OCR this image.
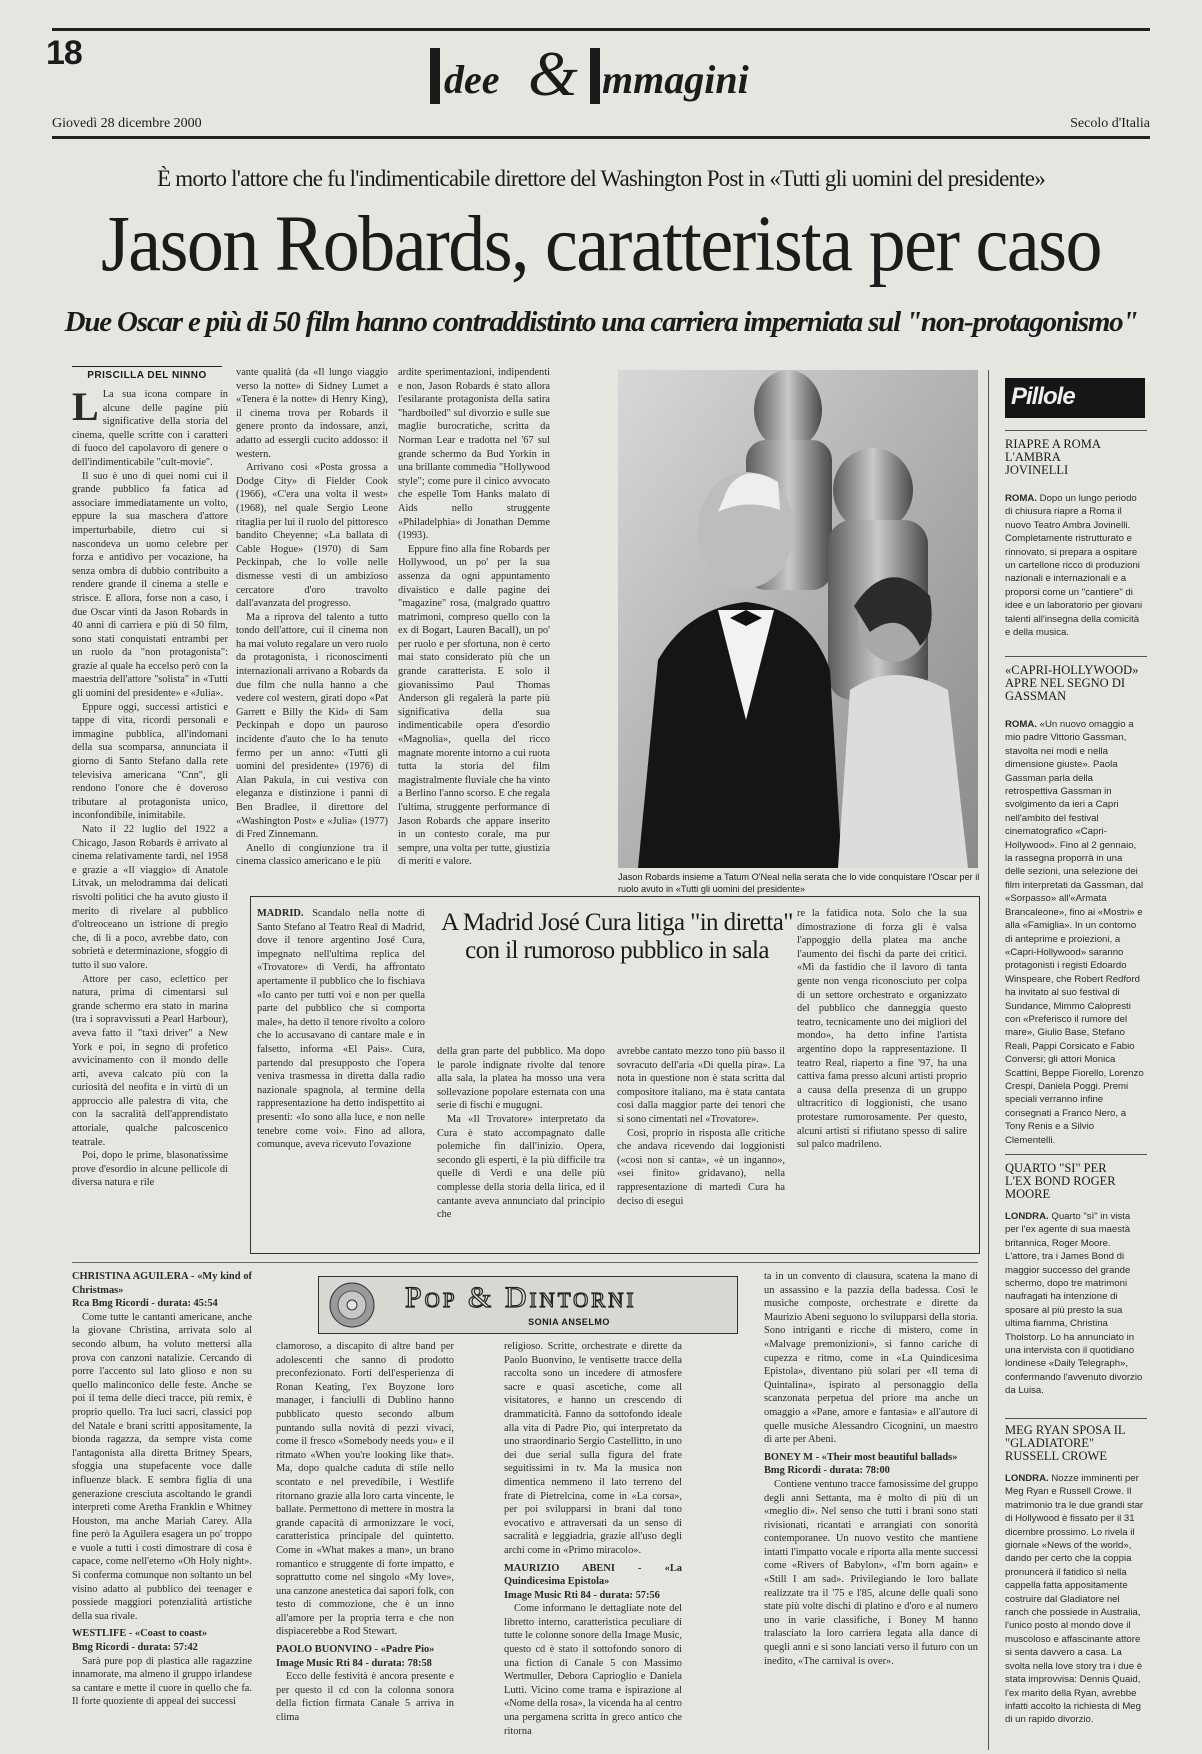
18
dee & mmagini
Giovedì 28 dicembre 2000	Secolo d'Italia
È morto l'attore che fu l'indimenticabile direttore del Washington Post in «Tutti gli uomini del presidente»
Jason Robards, caratterista per caso
Due Oscar e più di 50 film hanno contraddistinto una carriera imperniata sul "non-protagonismo"
PRISCILLA DEL NINNO

L La sua icona compare in alcune delle pagine più significative della storia del cinema, quelle scritte con i caratteri di fuoco del capolavoro di genere o dell'indimenticabile "cult-movie".

Il suo è uno di quei nomi cui il grande pubblico fa fatica ad associare immediatamente un volto, eppure la sua maschera d'attore imperturbabile, dietro cui si nascondeva un uomo celebre per forza e antidivo per vocazione, ha senza ombra di dubbio contribuito a rendere grande il cinema a stelle e strisce. E allora, forse non a caso, i due Oscar vinti da Jason Robards in 40 anni di carriera e più di 50 film, sono stati conquistati entrambi per un ruolo da "non protagonista": grazie al quale ha eccelso però con la maestria dell'attore "solista" in «Tutti gli uomini del presidente» e «Julia».

Eppure oggi, successi artistici e tappe di vita, ricordi personali e immagine pubblica, all'indomani della sua scomparsa, annunciata il giorno di Santo Stefano dalla rete televisiva americana "Cnn", gli rendono l'onore che è doveroso tributare al protagonista unico, inconfondibile, inimitabile.

Nato il 22 luglio del 1922 a Chicago, Jason Robards è arrivato al cinema relativamente tardi, nel 1958 e grazie a «Il viaggio» di Anatole Litvak, un melodramma dai delicati risvolti politici che ha avuto giusto il merito di rivelare al pubblico d'oltreoceano un istrione di pregio che, di lì a poco, avrebbe dato, con sobrietà e determinazione, sfoggio di tutto il suo valore.

Attore per caso, eclettico per natura, prima di cimentarsi sul grande schermo era stato in marina (tra i sopravvissuti a Pearl Harbour), aveva fatto il "taxi driver" a New York e poi, in segno di profetico avvicinamento con il mondo delle arti, aveva calcato più con la curiosità del neofita e in virtù di un approccio alle palestra di vita, che con la sacralità dell'apprendistato attoriale, qualche palcoscenico teatrale.

Poi, dopo le prime, blasonatissime prove d'esordio in alcune pellicole di diversa natura e rile

vante qualità (da «Il lungo viaggio verso la notte» di Sidney Lumet a «Tenera è la notte» di Henry King), il cinema trova per Robards il genere pronto da indossare, anzi, adatto ad essergli cucito addosso: il western.

Arrivano così «Posta grossa a Dodge City» di Fielder Cook (1966), «C'era una volta il west» (1968), nel quale Sergio Leone ritaglia per lui il ruolo del pittoresco bandito Cheyenne; «La ballata di Cable Hogue» (1970) di Sam Peckinpah, che lo volle nelle dismesse vesti di un ambizioso cercatore d'oro travolto dall'avanzata del progresso.

Ma a riprova del talento a tutto tondo dell'attore, cui il cinema non ha mai voluto regalare un vero ruolo da protagonista, i riconoscimenti internazionali arrivano a Robards da due film che nulla hanno a che vedere col western, girati dopo «Pat Garrett e Billy the Kid» di Sam Peckinpah e dopo un pauroso incidente d'auto che lo ha tenuto fermo per un anno: «Tutti gli uomini del presidente» (1976) di Alan Pakula, in cui vestiva con eleganza e distinzione i panni di Ben Bradlee, il direttore del «Washington Post» e «Julia» (1977) di Fred Zinnemann.

Anello di congiunzione tra il cinema classico americano e le più

ardite sperimentazioni, indipendenti e non, Jason Robards è stato allora l'esilarante protagonista della satira "hardboiled" sul divorzio e sulle sue maglie burocratiche, scritta da Norman Lear e tradotta nel '67 sul grande schermo da Bud Yorkin in una brillante commedia "Hollywood style"; come pure il cinico avvocato che espelle Tom Hanks malato di Aids nello struggente «Philadelphia» di Jonathan Demme (1993).

Eppure fino alla fine Robards per Hollywood, un po' per la sua assenza da ogni appuntamento divaistico e dalle pagine dei "magazine" rosa, (malgrado quattro matrimoni, compreso quello con la ex di Bogart, Lauren Bacall), un po' per ruolo e per sfortuna, non è certo mai stato considerato più che un grande caratterista. E solo il giovanissimo Paul Thomas Anderson gli regalerà la parte più significativa della sua indimenticabile opera d'esordio «Magnolia», quella del ricco magnate morente intorno a cui ruota tutta la storia del film magistralmente fluviale che ha vinto a Berlino l'anno scorso. E che regala l'ultima, struggente performance di Jason Robards che appare inserito in un contesto corale, ma pur sempre, una volta per tutte, giustizia di meriti e valore.

Jason Robards insieme a Tatum O'Neal nella serata che lo vide conquistare l'Oscar per il ruolo avuto in «Tutti gli uomini del presidente»
Pillole
RIAPRE A ROMA L'AMBRA JOVINELLI
ROMA. Dopo un lungo periodo di chiusura riapre a Roma il nuovo Teatro Ambra Jovinelli. Completamente ristrutturato e rinnovato, si prepara a ospitare un cartellone ricco di produzioni nazionali e internazionali e a proporsi come un "cantiere" di idee e un laboratorio per giovani talenti all'insegna della comicità e della musica.
«CAPRI-HOLLYWOOD» APRE NEL SEGNO DI GASSMAN
ROMA. «Un nuovo omaggio a mio padre Vittorio Gassman, stavolta nei modi e nella dimensione giuste». Paola Gassman parla della retrospettiva Gassman in svolgimento da ieri a Capri nell'ambito del festival cinematografico «Capri-Hollywood». Fino al 2 gennaio, la rassegna proporrà in una delle sezioni, una selezione dei film interpretati da Gassman, dal «Sorpasso» all'«Armata Brancaleone», fino ai «Mostri» e alla «Famiglia». In un contorno di anteprime e proiezioni, a «Capri-Hollywood» saranno protagonisti i registi Edoardo Winspeare, che Robert Redford ha invitato al suo festival di Sundance, Mimmo Calopresti con «Preferisco il rumore del mare», Giulio Base, Stefano Reali, Pappi Corsicato e Fabio Conversi; gli attori Monica Scattini, Beppe Fiorello, Lorenzo Crespi, Daniela Poggi. Premi speciali verranno infine consegnati a Franco Nero, a Tony Renis e a Silvio Clementelli.
QUARTO "SI" PER L'EX BOND ROGER MOORE
LONDRA. Quarto "sì" in vista per l'ex agente di sua maestà britannica, Roger Moore. L'attore, tra i James Bond di maggior successo del grande schermo, dopo tre matrimoni naufragati ha intenzione di sposare al più presto la sua ultima fiamma, Christina Tholstorp. Lo ha annunciato in una intervista con il quotidiano londinese «Daily Telegraph», confermando l'avvenuto divorzio da Luisa.
MEG RYAN SPOSA IL "GLADIATORE" RUSSELL CROWE
LONDRA. Nozze imminenti per Meg Ryan e Russell Crowe. Il matrimonio tra le due grandi star di Hollywood è fissato per il 31 dicembre prossimo. Lo rivela il giornale «News of the world», dando per certo che la coppia pronuncerà il fatidico sì nella cappella fatta appositamente costruire dal Gladiatore nel ranch che possiede in Australia, l'unico posto al mondo dove il muscoloso e affascinante attore si senta davvero a casa. La svolta nella love story tra i due è stata improvvisa: Dennis Quaid, l'ex marito della Ryan, avrebbe infatti accolto la richiesta di Meg di un rapido divorzio.
A Madrid José Cura litiga "in diretta" con il rumoroso pubblico in sala

MADRID. Scandalo nella notte di Santo Stefano al Teatro Real di Madrid, dove il tenore argentino José Cura, impegnato nell'ultima replica del «Trovatore» di Verdi, ha affrontato apertamente il pubblico che lo fischiava «Io canto per tutti voi e non per quella parte del pubblico che si comporta male», ha detto il tenore rivolto a coloro che lo accusavano di cantare male e in falsetto, informa «El Pais». Cura, partendo dal presupposto che l'opera veniva trasmessa in diretta dalla radio nazionale spagnola, al termine della rappresentazione ha detto indispettito ai presenti: «Io sono alla luce, e non nelle tenebre come voi». Fino ad allora, comunque, aveva ricevuto l'ovazione

della gran parte del pubblico. Ma dopo le parole indignate rivolte dal tenore alla sala, la platea ha mosso una vera sollevazione popolare esternata con una serie di fischi e mugugni.

Ma «Il Trovatore» interpretato da Cura è stato accompagnato dalle polemiche fin dall'inizio. Opera, secondo gli esperti, è la più difficile tra quelle di Verdi e una delle più complesse della storia della lirica, ed il cantante aveva annunciato dal principio che

avrebbe cantato mezzo tono più basso il sovracuto dell'aria «Di quella pira». La nota in questione non è stata scritta dal compositore italiano, ma è stata cantata così dalla maggior parte dei tenori che si sono cimentati nel «Trovatore».

Così, proprio in risposta alle critiche che andava ricevendo dai loggionisti («così non si canta», «è un inganno», «sei finito» gridavano), nella rappresentazione di martedì Cura ha deciso di esegui

re la fatidica nota. Solo che la sua dimostrazione di forza gli è valsa l'appoggio della platea ma anche l'aumento dei fischi da parte dei critici. «Mi da fastidio che il lavoro di tanta gente non venga riconosciuto per colpa di un settore orchestrato e organizzato del pubblico che danneggia questo teatro, tecnicamente uno dei migliori del mondo», ha detto infine l'artista argentino dopo la rappresentazione. Il teatro Real, riaperto a fine '97, ha una cattiva fama presso alcuni artisti proprio a causa della presenza di un gruppo ultracritico di loggionisti, che usano protestare rumorosamente. Per questo, alcuni artisti si rifiutano spesso di salire sul palco madrileno.

Pop & Dintorni
SONIA ANSELMO
CHRISTINA AGUILERA - «My kind of Christmas»
Rca Bmg Ricordi - durata: 45:54

Come tutte le cantanti americane, anche la giovane Christina, arrivata solo al secondo album, ha voluto mettersi alla prova con canzoni natalizie. Cercando di porre l'accento sul lato glioso e non su quello malinconico delle feste. Anche se poi il tema delle dieci tracce, più remix, è proprio quello. Tra luci sacri, classici pop del Natale e brani scritti appositamente, la bionda ragazza, da sempre vista come l'antagonista alla diretta Britney Spears, sfoggia una stupefacente voce dalle influenze black. E sembra figlia di una generazione cresciuta ascoltando le grandi interpreti come Aretha Franklin e Whitney Houston, ma anche Mariah Carey. Alla fine però la Aguilera esagera un po' troppo e vuole a tutti i costi dimostrare di cosa è capace, come nell'eterno «Oh Holy night». Si conferma comunque non soltanto un bel visino adatto al pubblico dei teenager e possiede maggiori potenzialità artistiche della sua rivale.

WESTLIFE - «Coast to coast»
Bmg Ricordi - durata: 57:42

Sarà pure pop di plastica alle ragazzine innamorate, ma almeno il gruppo irlandese sa cantare e mette il cuore in quello che fa. Il forte quoziente di appeal dei successi

clamoroso, a discapito di altre band per adolescenti che sanno di prodotto preconfezionato. Forti dell'esperienza di Ronan Keating, l'ex Boyzone loro manager, i fanciulli di Dublino hanno pubblicato questo secondo album puntando sulla novità di pezzi vivaci, come il fresco «Somebody needs you» e il ritmato «When you're looking like that». Ma, dopo qualche caduta di stile nello scontato e nel prevedibile, i Westlife ritornano grazie alla loro carta vincente, le ballate. Permettono di mettere in mostra la grande capacità di armonizzare le voci, caratteristica principale del quintetto. Come in «What makes a man», un brano romantico e struggente di forte impatto, e soprattutto come nel singolo «My love», una canzone anestetica dai sapori folk, con testo di commozione, che è un inno all'amore per la propria terra e che non dispiacerebbe a Rod Stewart.

PAOLO BUONVINO - «Padre Pio»
Image Music Rti 84 - durata: 78:58

Ecco delle festività è ancora presente e per questo il cd con la colonna sonora della fiction firmata Canale 5 arriva in clima

religioso. Scritte, orchestrate e dirette da Paolo Buonvino, le ventisette tracce della raccolta sono un incedere di atmosfere sacre e quasi ascetiche, come all visitatores, e hanno un crescendo di drammaticità. Fanno da sottofondo ideale alla vita di Padre Pio, qui interpretato da uno straordinario Sergio Castellitto, in uno dei due serial sulla figura del frate seguitissimi in tv. Ma la musica non dimentica nemmeno il lato terreno del frate di Pietrelcina, come in «La corsa», per poi svilupparsi in brani dal tono evocativo e attraversati da un senso di sacralità e leggiadria, grazie all'uso degli archi come in «Primo miracolo».

MAURIZIO ABENI - «La Quindicesima Epistola»
Image Music Rti 84 - durata: 57:56

Come informano le dettagliate note del libretto interno, caratteristica peculiare di tutte le colonne sonore della Image Music, questo cd è stato il sottofondo sonoro di una fiction di Canale 5 con Massimo Wertmuller, Debora Caprioglio e Daniela Lutti. Vicino come trama e ispirazione al «Nome della rosa», la vicenda ha al centro una pergamena scritta in greco antico che ritorna

ta in un convento di clausura, scatena la mano di un assassino e la pazzia della badessa. Così le musiche composte, orchestrate e dirette da Maurizio Abeni seguono lo svilupparsi della storia. Sono intriganti e ricche di mistero, come in «Malvage premonizioni», si fanno cariche di cupezza e ritmo, come in «La Quindicesima Epistola», diventano più solari per «Il tema di Quintalina», ispirato al personaggio della scanzonata perpetua del priore ma anche un omaggio a «Pane, amore e fantasia» e all'autore di quelle musiche Alessandro Cicognini, un maestro di arte per Abeni.

BONEY M - «Their most beautiful ballads»
Bmg Ricordi - durata: 78:00

Contiene ventuno tracce famosissime del gruppo degli anni Settanta, ma è molto di più di un «meglio di». Nel senso che tutti i brani sono stati rivisionati, ricantati e arrangiati con sonorità contemporanee. Un nuovo vestito che mantiene intatti l'impatto vocale e riporta alla mente successi come «Rivers of Babylon», «I'm born again» e «Still I am sad». Privilegiando le loro ballate realizzate tra il '75 e l'85, alcune delle quali sono state più volte dischi di platino e d'oro e al numero uno in varie classifiche, i Boney M hanno tralasciato la loro carriera legata alla dance di quegli anni e si sono lanciati verso il futuro con un inedito, «The carnival is over».
